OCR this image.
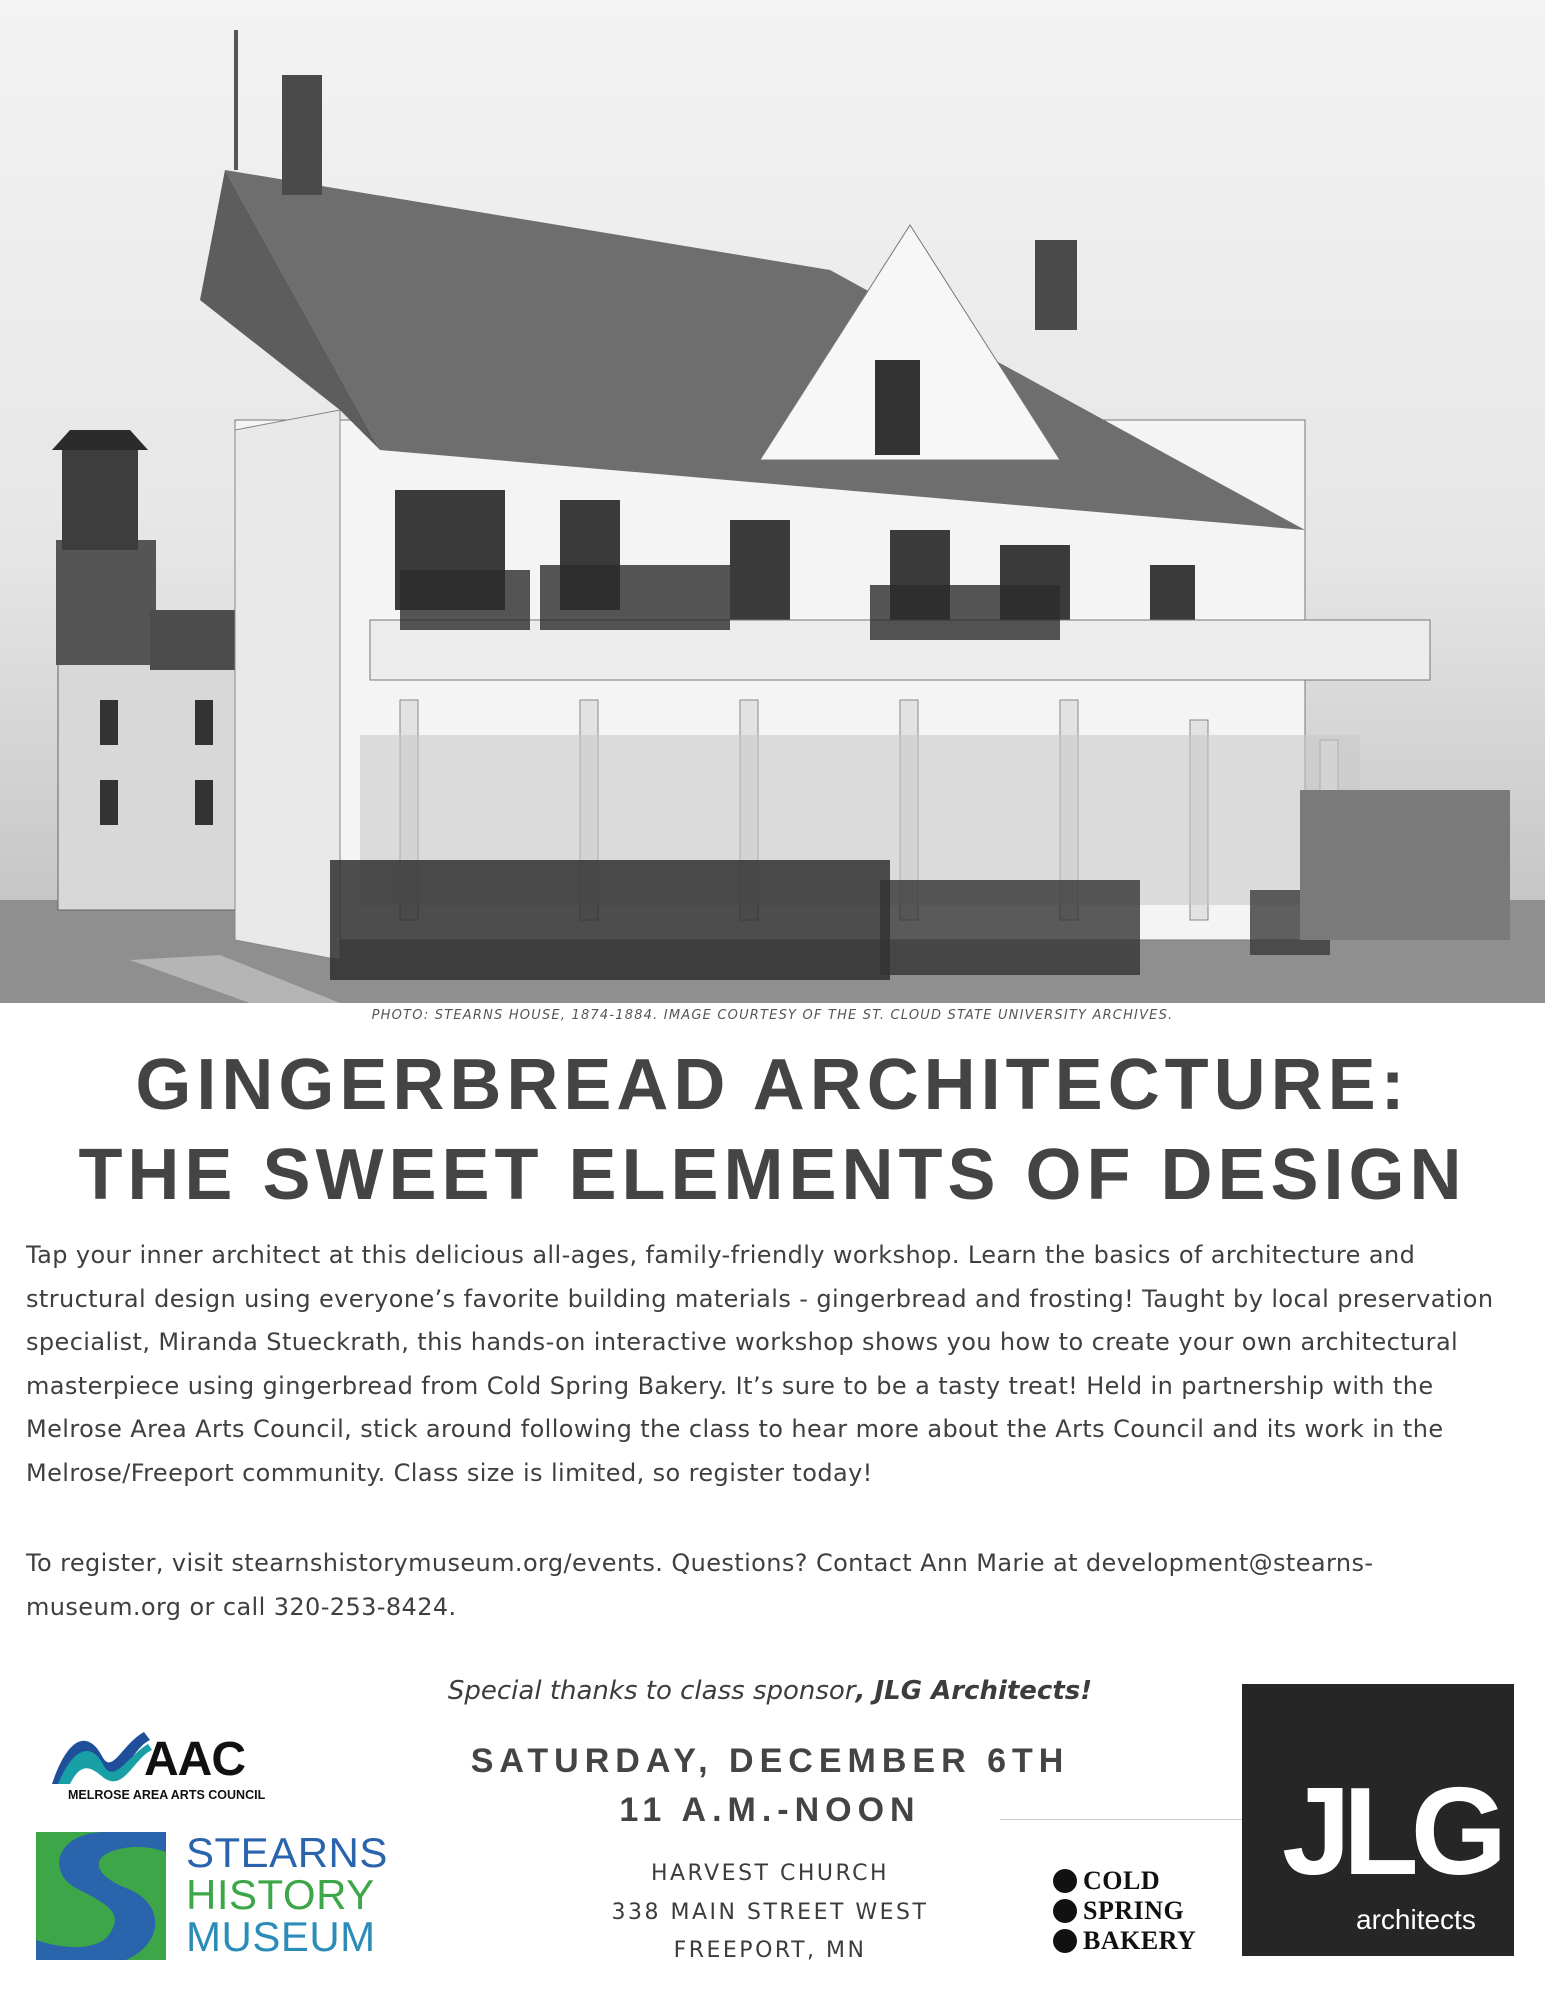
PHOTO: STEARNS HOUSE, 1874-1884. IMAGE COURTESY OF THE ST. CLOUD STATE UNIVERSITY ARCHIVES.
GINGERBREAD ARCHITECTURE:
THE SWEET ELEMENTS OF DESIGN
Tap your inner architect at this delicious all-ages, family-friendly workshop. Learn the basics of architecture and structural design using everyone’s favorite building materials - gingerbread and frosting! Taught by local preservation specialist, Miranda Stueckrath, this hands-on interactive workshop shows you how to create your own architectural masterpiece using gingerbread from Cold Spring Bakery. It’s sure to be a tasty treat! Held in partnership with the Melrose Area Arts Council, stick around following the class to hear more about the Arts Council and its work in the Melrose/Freeport community. Class size is limited, so register today!
To register, visit stearnshistorymuseum.org/events. Questions? Contact Ann Marie at development@stearns-museum.org or call 320-253-8424.
Special thanks to class sponsor, JLG Architects!
SATURDAY, DECEMBER 6TH
11 A.M.-NOON
HARVEST CHURCH
338 MAIN STREET WEST
FREEPORT, MN
AAC
MELROSE AREA ARTS COUNCIL
STEARNS
HISTORY
MUSEUM
COLD
SPRING
BAKERY
JLG
architects
